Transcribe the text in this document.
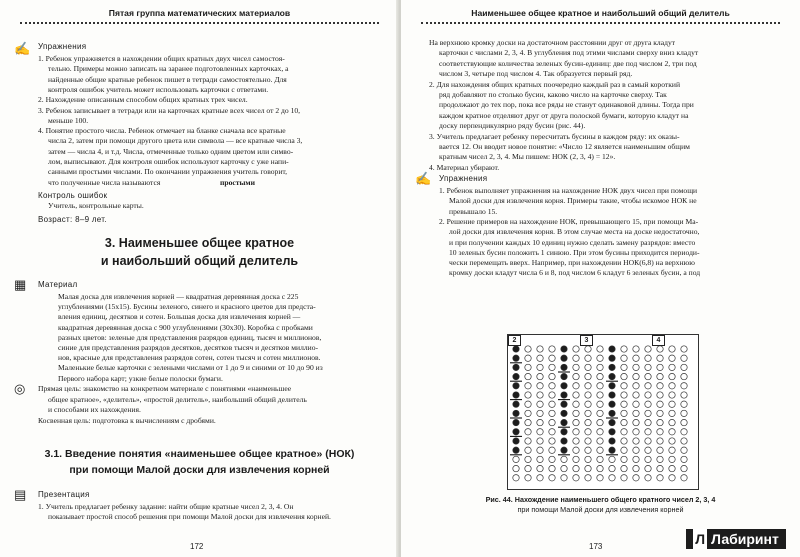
Пятая группа математических материалов
✍ Упражнения
1. Ребенок упражняется в нахождении общих кратных двух чисел самостоя-
тельно. Примеры можно записать на заранее подготовленных карточках, а
найденные общие кратные ребенок пишет в тетради самостоятельно. Для
контроля ошибок учитель может использовать карточки с ответами.
2. Нахождение описанным способом общих кратных трех чисел.
3. Ребенок записывает в тетради или на карточках кратные всех чисел от 2 до 10,
меньше 100.
4. Понятие простого числа. Ребенок отмечает на бланке сначала все кратные
числа 2, затем при помощи другого цвета или символа — все кратные числа 3,
затем — числа 4, и т.д. Числа, отмеченные только одним цветом или симво-
лом, выписывают. Для контроля ошибок используют карточку с уже напи-
санными простыми числами. По окончании упражнения учитель говорит,
что полученные числа называются	простыми
Контроль ошибок
Учитель, контрольные карты.
Возраст: 8–9 лет.
3. Наименьшее общее кратное
и наибольший общий делитель
▦ Материал
Малая доска для извлечения корней — квадратная деревянная доска с 225
углублениями (15х15). Бусины зеленого, синего и красного цветов для предстa-
вления единиц, десятков и сотен. Большая доска для извлечения корней —
квадратная деревянная доска с 900 углублениями (30х30). Коробка с пробками
разных цветов: зеленые для представления разрядов единиц, тысяч и миллионов,
синие для представления разрядов десятков, десятков тысяч и десятков миллио-
нов, красные для представления разрядов сотен, сотен тысяч и сотен миллионов.
Маленькие белые карточки с зелеными числами от 1 до 9 и синими от 10 до 90 из
Первого набора карт; узкие белые полоски бумаги.
◎ Прямая цель: знакомство на конкретном материале с понятиями «наименьшее
общее кратное», «делитель», «простой делитель», наибольший общий делитель
и способами их нахождения.
Косвенная цель: подготовка к вычислениям с дробями.
3.1. Введение понятия «наименьшее общее кратное» (НОК)
при помощи Малой доски для извлечения корней
▤ Презентация
1. Учитель предлагает ребенку задание: найти общие кратные чисел 2, 3, 4. Он
показывает простой способ решения при помощи Малой доски для извлечения корней.
172
Наименьшее общее кратное и наибольший общий делитель
На верхнюю кромку доски на достаточном расстоянии друг от друга кладут
карточки с числами 2, 3, 4. В углубления под этими числами сверху вниз кладут
соответствующие количества зеленых бусин-единиц: две под числом 2, три под
числом 3, четыре под числом 4. Так образуется первый ряд.
2. Для нахождения общих кратных поочередно каждый раз в самый короткий
ряд добавляют по столько бусин, каково число на карточке сверху. Так
продолжают до тех пор, пока все ряды не станут одинаковой длины. Тогда при
каждом кратное отделяют друг от друга полоской бумаги, которую кладут на
доску перпендикулярно ряду бусин (рис. 44).
3. Учитель предлагает ребенку пересчитать бусины в каждом ряду: их оказы-
вается 12. Он вводит новое понятие: «Число 12 является наименьшим общим
кратным чисел 2, 3, 4. Мы пишем: НОК (2, 3, 4) = 12».
4. Материал убирают.
✍ Упражнения
1. Ребенок выполняет упражнения на нахождение НОК двух чисел при помощи
Малой доски для извлечения корня. Примеры такие, чтобы искомое НОК не
превышало 15.
2. Решение примеров на нахождение НОК, превышающего 15, при помощи Ма-
лой доски для извлечения корня. В этом случае места на доске недостаточно,
и при получении каждых 10 единиц нужно сделать замену разрядов: вместо
10 зеленых бусин положить 1 синюю. При этом бусины приходится периоди-
чески перемещать вверх. Например, при нахождении НОК(6,8) на верхнюю
кромку доски кладут числа 6 и 8, под числом 6 кладут 6 зеленых бусин, а под
2	3	4
Рис. 44. Нахождение наименьшего общего кратного чисел 2, 3, 4
при помощи Малой доски для извлечения корней
173	Л Лабиринт
